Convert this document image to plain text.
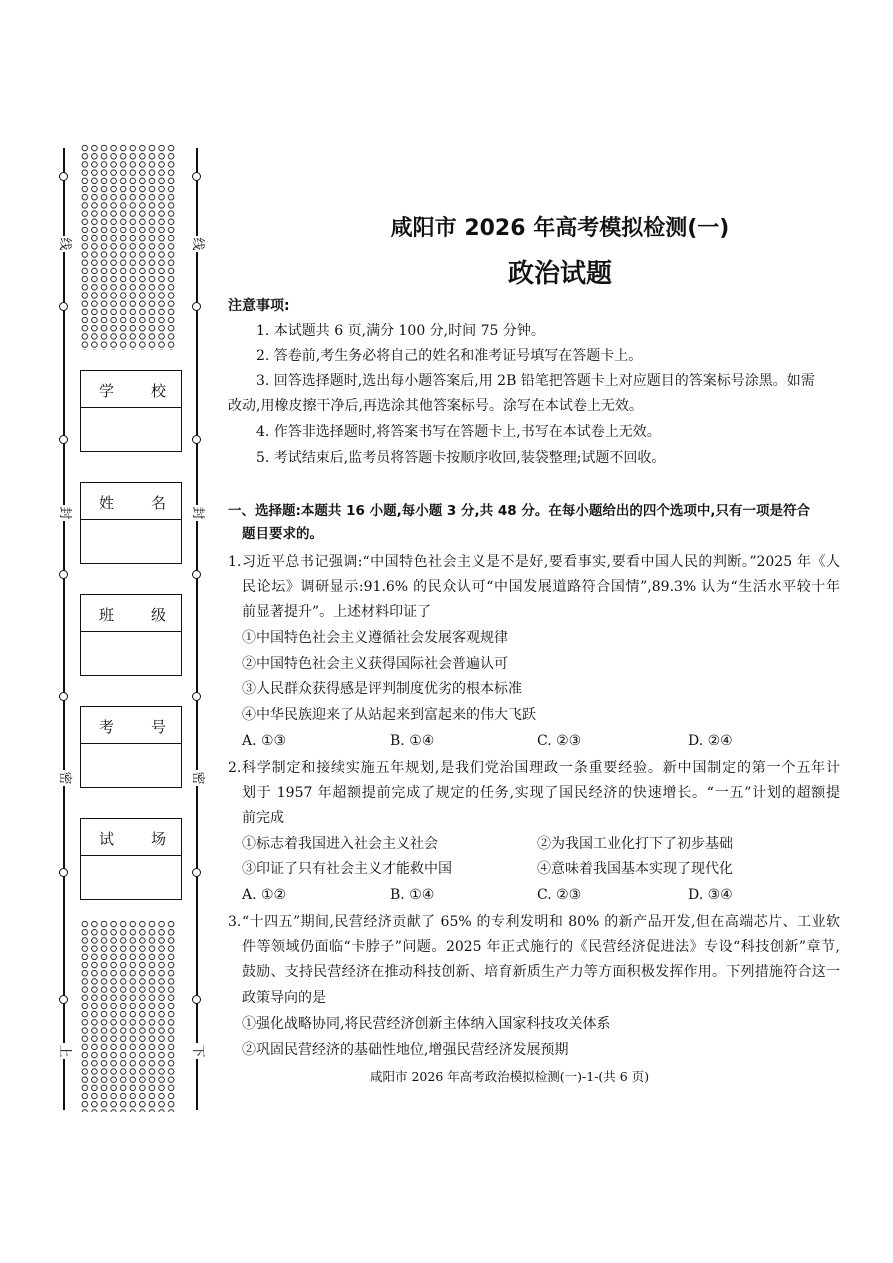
线
封
密
上
线
封
密
下
学 校
姓 名
班 级
考 号
试 场
咸阳市 2026 年高考模拟检测(一)
政治试题
注意事项:
1. 本试题共 6 页,满分 100 分,时间 75 分钟。
2. 答卷前,考生务必将自己的姓名和准考证号填写在答题卡上。
3. 回答选择题时,选出每小题答案后,用 2B 铅笔把答题卡上对应题目的答案标号涂黑。如需
改动,用橡皮擦干净后,再选涂其他答案标号。涂写在本试卷上无效。
4. 作答非选择题时,将答案书写在答题卡上,书写在本试卷上无效。
5. 考试结束后,监考员将答题卡按顺序收回,装袋整理;试题不回收。
一、选择题:本题共 16 小题,每小题 3 分,共 48 分。在每小题给出的四个选项中,只有一项是符合
题目要求的。
1. 习近平总书记强调:“中国特色社会主义是不是好,要看事实,要看中国人民的判断。”2025 年《人
民论坛》调研显示:91.6% 的民众认可“中国发展道路符合国情”,89.3% 认为“生活水平较十年
前显著提升”。上述材料印证了
①中国特色社会主义遵循社会发展客观规律
②中国特色社会主义获得国际社会普遍认可
③人民群众获得感是评判制度优劣的根本标准
④中华民族迎来了从站起来到富起来的伟大飞跃
A. ①③	B. ①④	C. ②③	D. ②④
2. 科学制定和接续实施五年规划,是我们党治国理政一条重要经验。新中国制定的第一个五年计
划于 1957 年超额提前完成了规定的任务,实现了国民经济的快速增长。“一五”计划的超额提
前完成
①标志着我国进入社会主义社会	②为我国工业化打下了初步基础
③印证了只有社会主义才能救中国	④意味着我国基本实现了现代化
A. ①②	B. ①④	C. ②③	D. ③④
3. “十四五”期间,民营经济贡献了 65% 的专利发明和 80% 的新产品开发,但在高端芯片、工业软
件等领域仍面临“卡脖子”问题。2025 年正式施行的《民营经济促进法》专设“科技创新”章节,
鼓励、支持民营经济在推动科技创新、培育新质生产力等方面积极发挥作用。下列措施符合这一
政策导向的是
①强化战略协同,将民营经济创新主体纳入国家科技攻关体系
②巩固民营经济的基础性地位,增强民营经济发展预期
咸阳市 2026 年高考政治模拟检测(一)-1-(共 6 页)
